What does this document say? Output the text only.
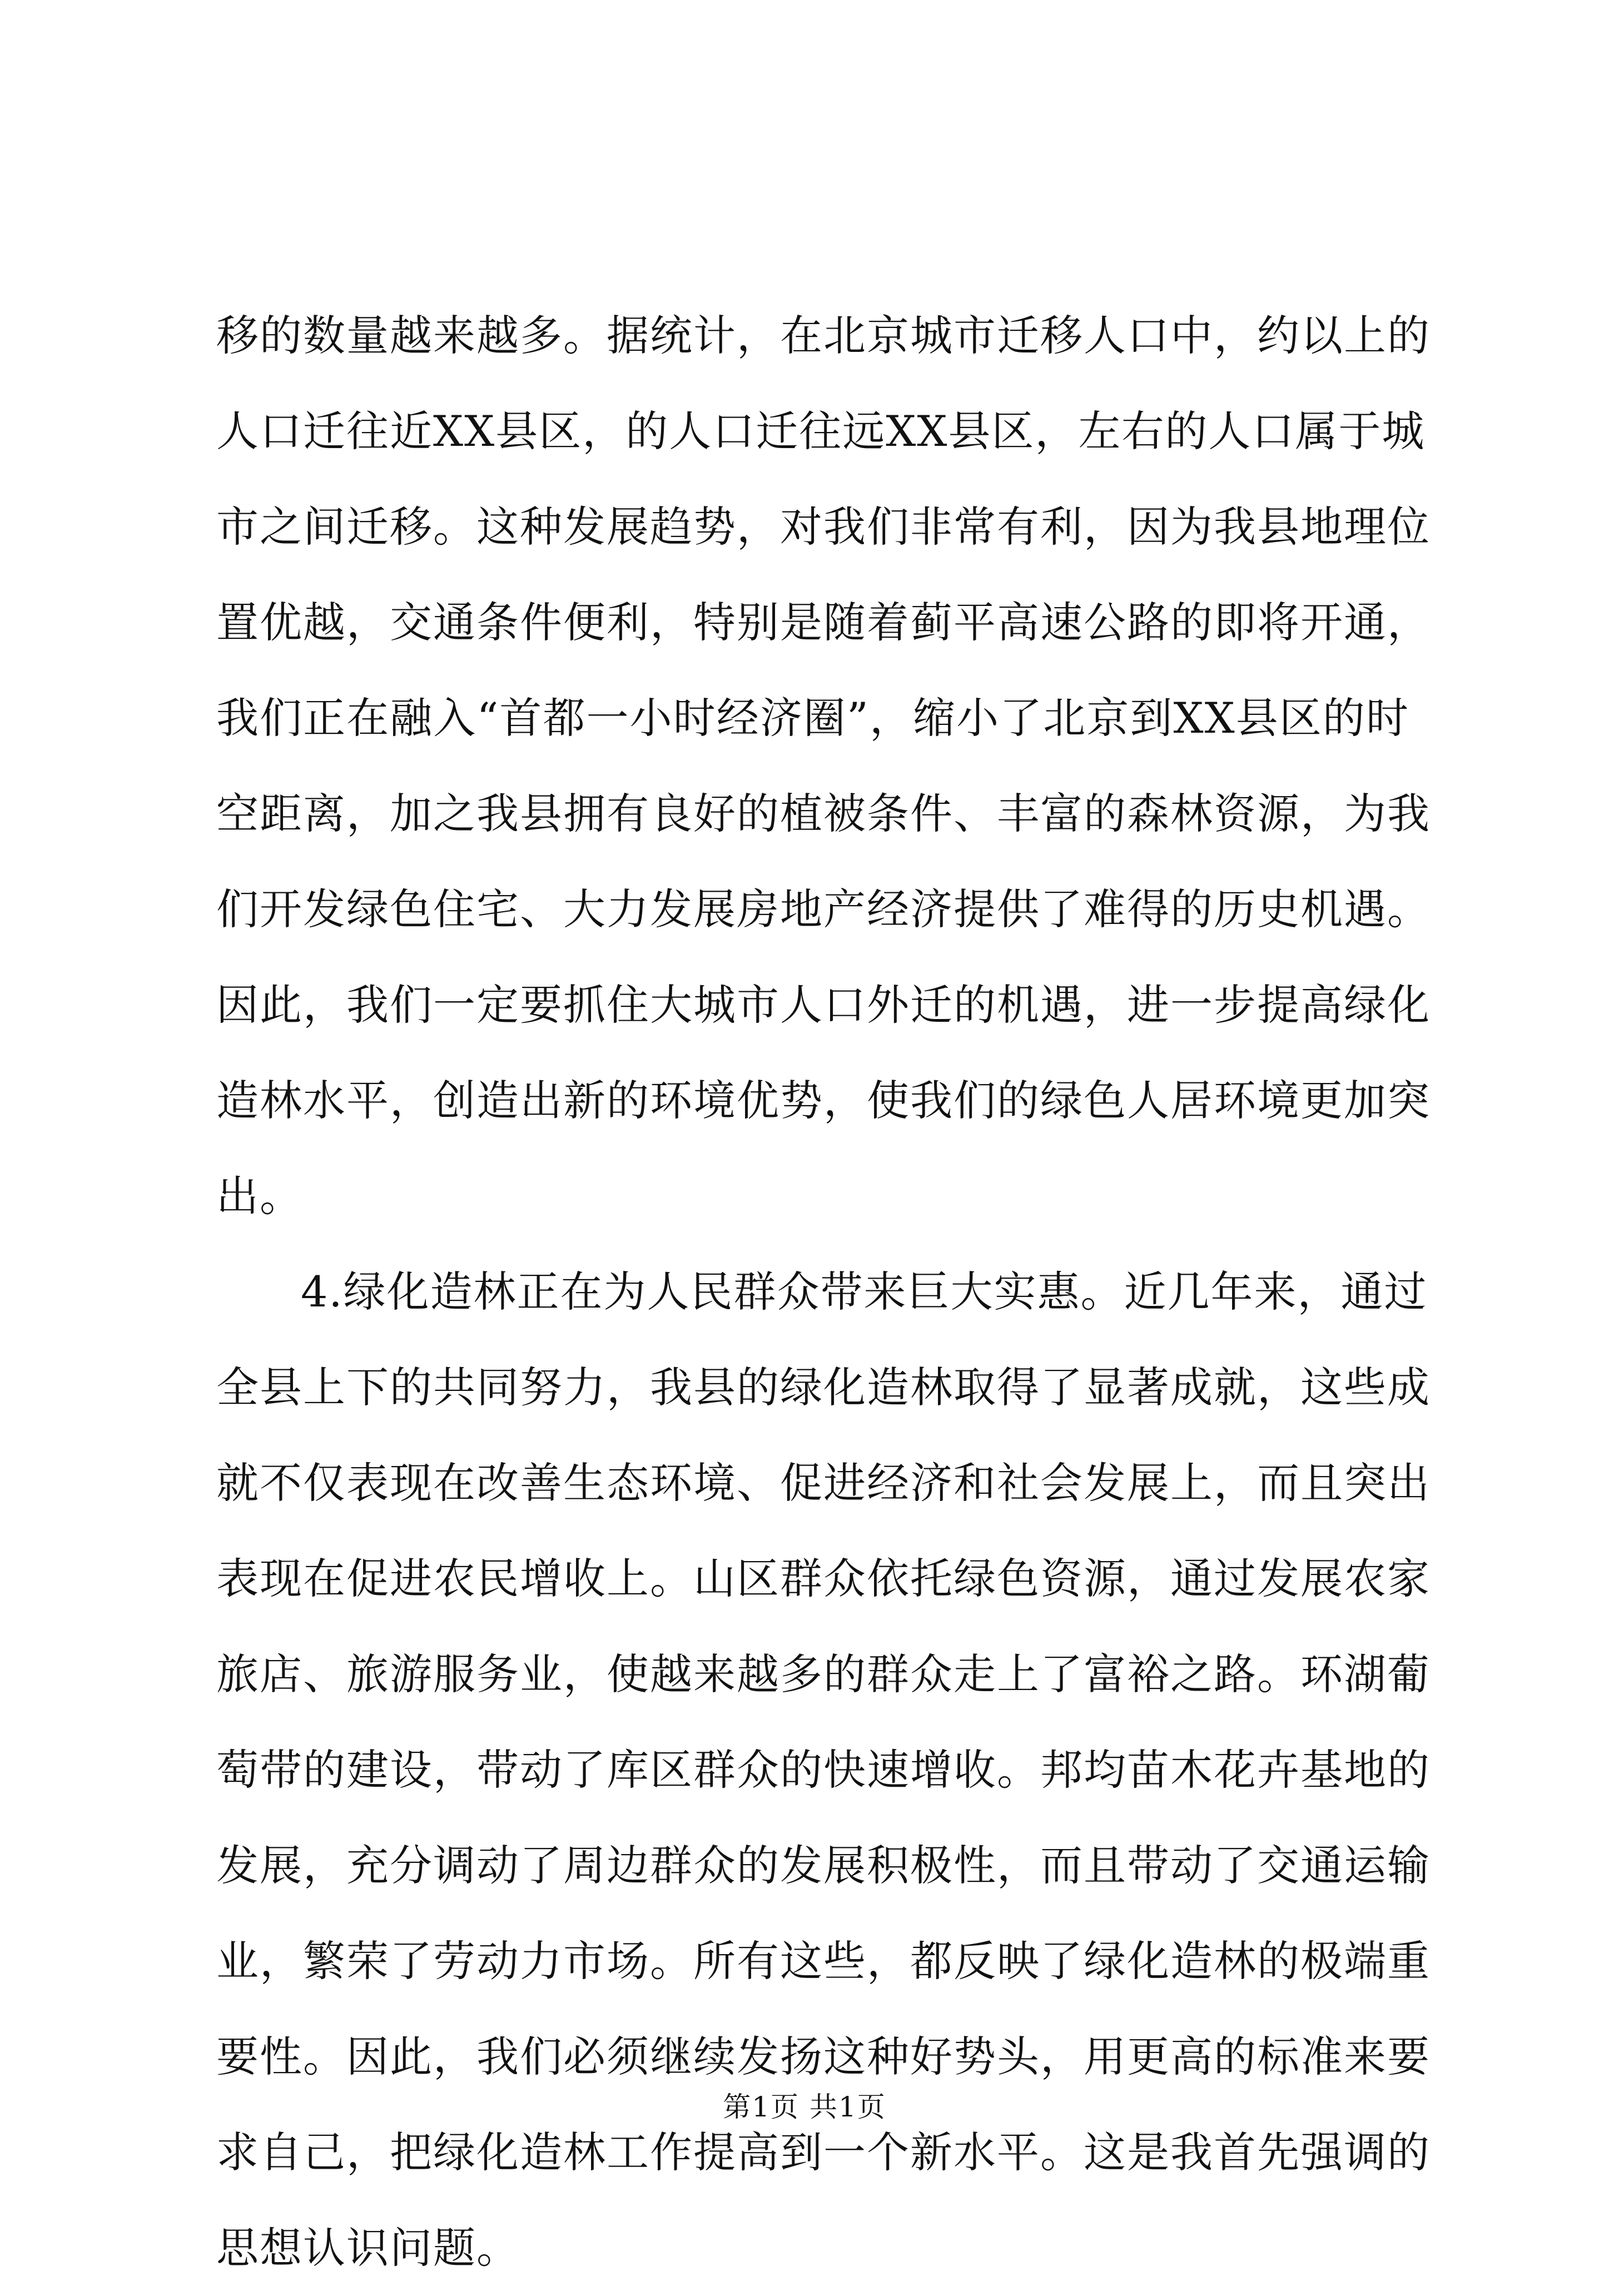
移的数量越来越多。据统计，在北京城市迁移人口中，约以上的
人口迁往近XX县区，的人口迁往远XX县区，左右的人口属于城
市之间迁移。这种发展趋势，对我们非常有利，因为我县地理位
置优越，交通条件便利，特别是随着蓟平高速公路的即将开通，
我们正在融入“首都一小时经济圈”，缩小了北京到XX县区的时
空距离，加之我县拥有良好的植被条件、丰富的森林资源，为我
们开发绿色住宅、大力发展房地产经济提供了难得的历史机遇。
因此，我们一定要抓住大城市人口外迁的机遇，进一步提高绿化
造林水平，创造出新的环境优势，使我们的绿色人居环境更加突
出。
4.绿化造林正在为人民群众带来巨大实惠。近几年来，通过
全县上下的共同努力，我县的绿化造林取得了显著成就，这些成
就不仅表现在改善生态环境、促进经济和社会发展上，而且突出
表现在促进农民增收上。山区群众依托绿色资源，通过发展农家
旅店、旅游服务业，使越来越多的群众走上了富裕之路。环湖葡
萄带的建设，带动了库区群众的快速增收。邦均苗木花卉基地的
发展，充分调动了周边群众的发展积极性，而且带动了交通运输
业，繁荣了劳动力市场。所有这些，都反映了绿化造林的极端重
要性。因此，我们必须继续发扬这种好势头，用更高的标准来要
求自己，把绿化造林工作提高到一个新水平。这是我首先强调的
思想认识问题。
第1页 共1页
